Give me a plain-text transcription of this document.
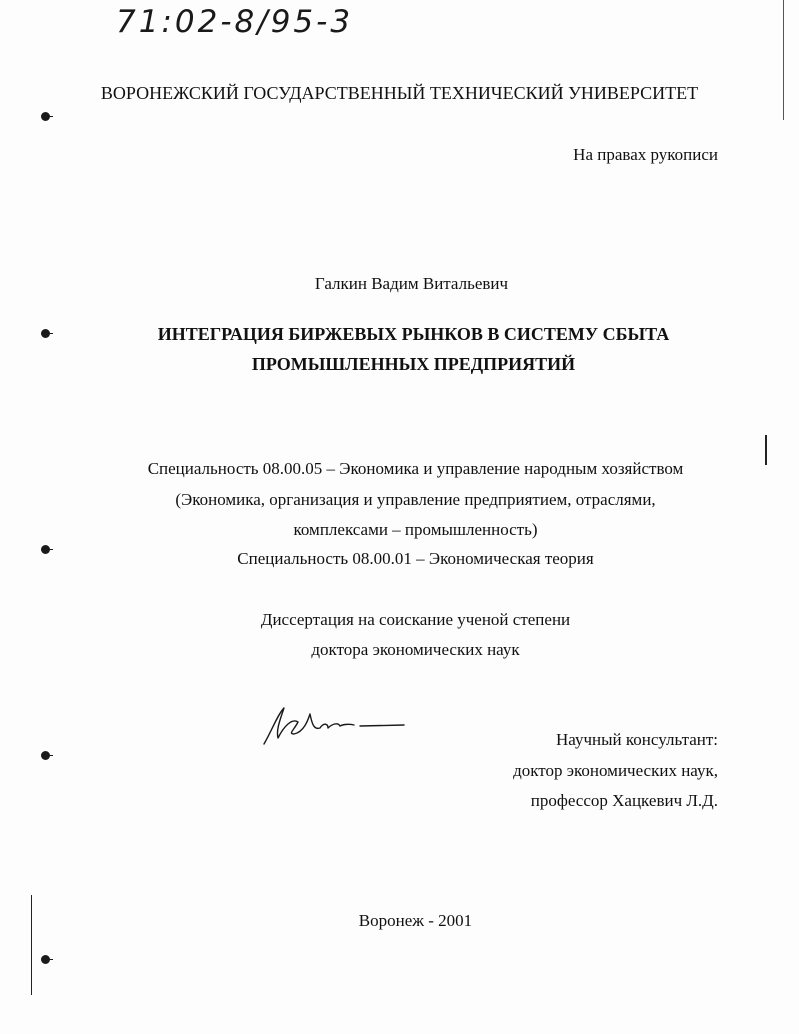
71:02-8/95-3
ВОРОНЕЖСКИЙ ГОСУДАРСТВЕННЫЙ ТЕХНИЧЕСКИЙ УНИВЕРСИТЕТ
На правах рукописи
Галкин Вадим Витальевич
ИНТЕГРАЦИЯ БИРЖЕВЫХ РЫНКОВ В СИСТЕМУ СБЫТА
ПРОМЫШЛЕННЫХ ПРЕДПРИЯТИЙ
Специальность 08.00.05 – Экономика и управление народным хозяйством
(Экономика, организация и управление предприятием, отраслями,
комплексами – промышленность)
Специальность 08.00.01 – Экономическая теория
Диссертация на соискание ученой степени
доктора экономических наук
Научный консультант:
доктор экономических наук,
профессор Хацкевич Л.Д.
Воронеж - 2001
